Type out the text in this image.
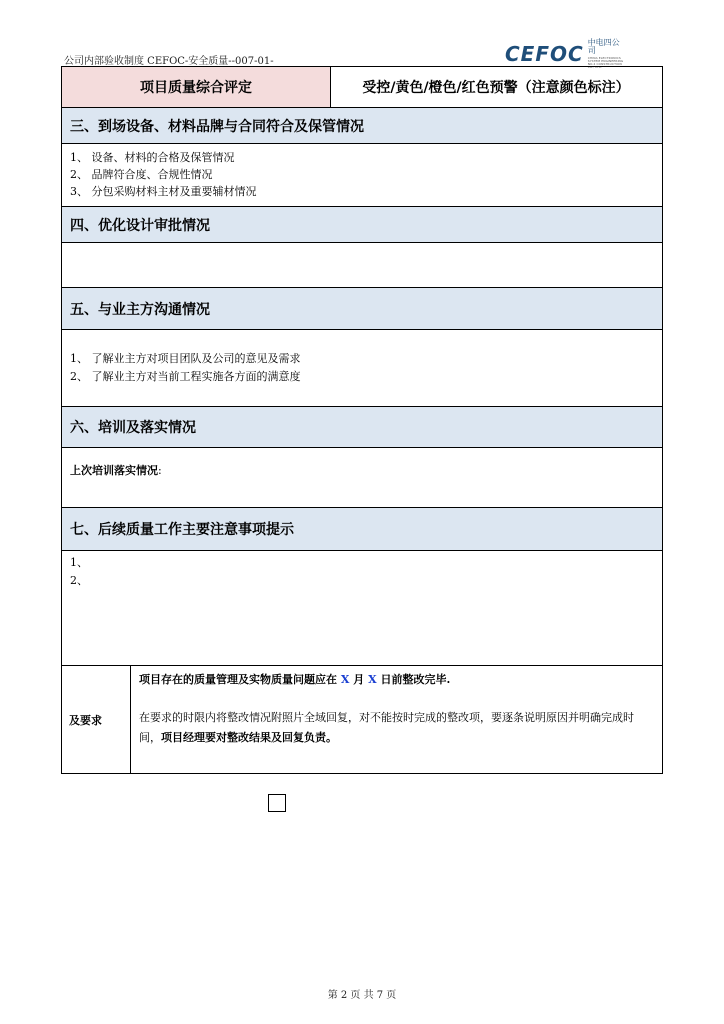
公司内部验收制度 CEFOC-安全质量--007-01-	CEFOC 中电四公司
CHINA ELECTRONICS SYSTEM ENGINEERING NO.4 CONSTRUCTION CO., LTD.
项目质量综合评定	受控/黄色/橙色/红色预警（注意颜色标注）
三、到场设备、材料品牌与合同符合及保管情况
1、 设备、材料的合格及保管情况
2、 品牌符合度、合规性情况
3、 分包采购材料主材及重要辅材情况
四、优化设计审批情况
五、与业主方沟通情况
1、 了解业主方对项目团队及公司的意见及需求
2、 了解业主方对当前工程实施各方面的满意度
六、培训及落实情况
上次培训落实情况:
七、后续质量工作主要注意事项提示
1、
2、
及要求
项目存在的质量管理及实物质量问题应在 X 月 X 日前整改完毕.
在要求的时限内将整改情况附照片全域回复，对不能按时完成的整改项，要逐条说明原因并明确完成时间，项目经理要对整改结果及回复负责。
第 2 页 共 7 页
